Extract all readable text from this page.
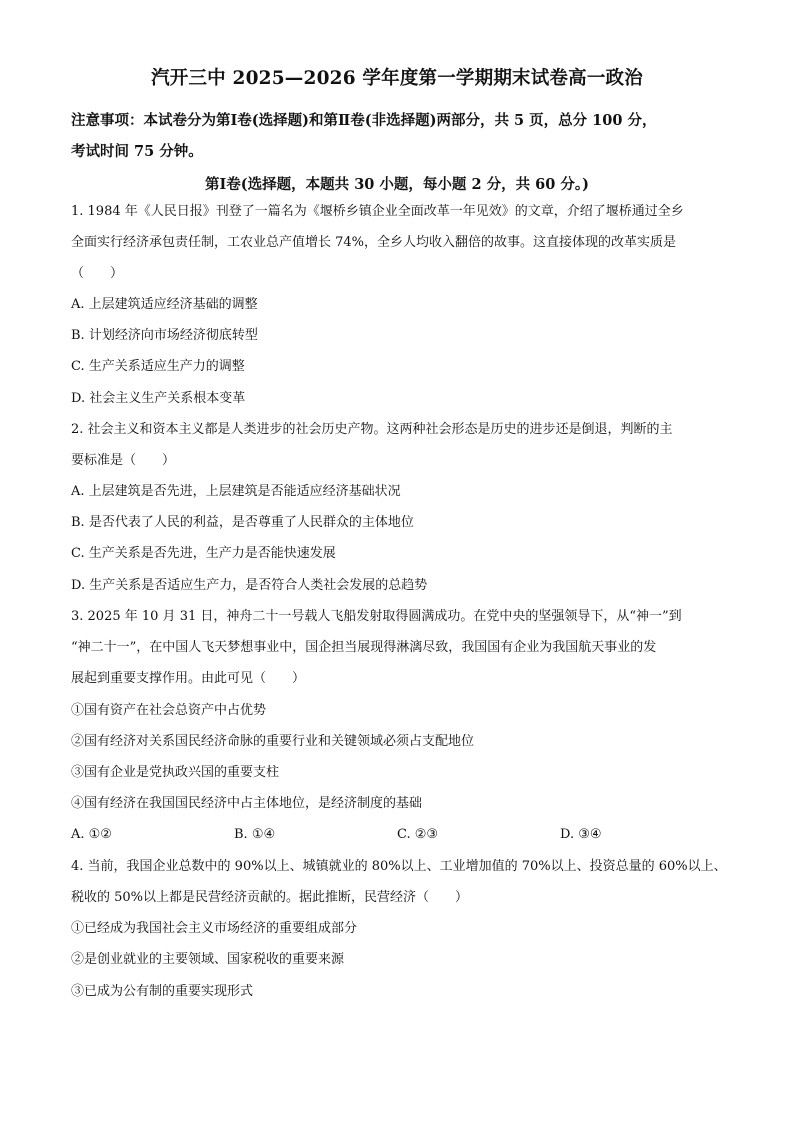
汽开三中 2025—2026 学年度第一学期期末试卷高一政治
注意事项：本试卷分为第Ⅰ卷(选择题)和第Ⅱ卷(非选择题)两部分，共 5 页，总分 100 分，
考试时间 75 分钟。
第Ⅰ卷(选择题，本题共 30 小题，每小题 2 分，共 60 分。)
1. 1984 年《人民日报》刊登了一篇名为《堰桥乡镇企业全面改革一年见效》的文章，介绍了堰桥通过全乡
全面实行经济承包责任制，工农业总产值增长 74%，全乡人均收入翻倍的故事。这直接体现的改革实质是
（　　）
A. 上层建筑适应经济基础的调整
B. 计划经济向市场经济彻底转型
C. 生产关系适应生产力的调整
D. 社会主义生产关系根本变革
2. 社会主义和资本主义都是人类进步的社会历史产物。这两种社会形态是历史的进步还是倒退，判断的主
要标准是（　　）
A. 上层建筑是否先进，上层建筑是否能适应经济基础状况
B. 是否代表了人民的利益，是否尊重了人民群众的主体地位
C. 生产关系是否先进，生产力是否能快速发展
D. 生产关系是否适应生产力，是否符合人类社会发展的总趋势
3. 2025 年 10 月 31 日，神舟二十一号载人飞船发射取得圆满成功。在党中央的坚强领导下，从“神一”到
“神二十一”，在中国人飞天梦想事业中，国企担当展现得淋漓尽致，我国国有企业为我国航天事业的发
展起到重要支撑作用。由此可见（　　）
①国有资产在社会总资产中占优势
②国有经济对关系国民经济命脉的重要行业和关键领域必须占支配地位
③国有企业是党执政兴国的重要支柱
④国有经济在我国国民经济中占主体地位，是经济制度的基础
A. ①②	B. ①④	C. ②③	D. ③④
4. 当前，我国企业总数中的 90%以上、城镇就业的 80%以上、工业增加值的 70%以上、投资总量的 60%以上、
税收的 50%以上都是民营经济贡献的。据此推断，民营经济（　　）
①已经成为我国社会主义市场经济的重要组成部分
②是创业就业的主要领域、国家税收的重要来源
③已成为公有制的重要实现形式
